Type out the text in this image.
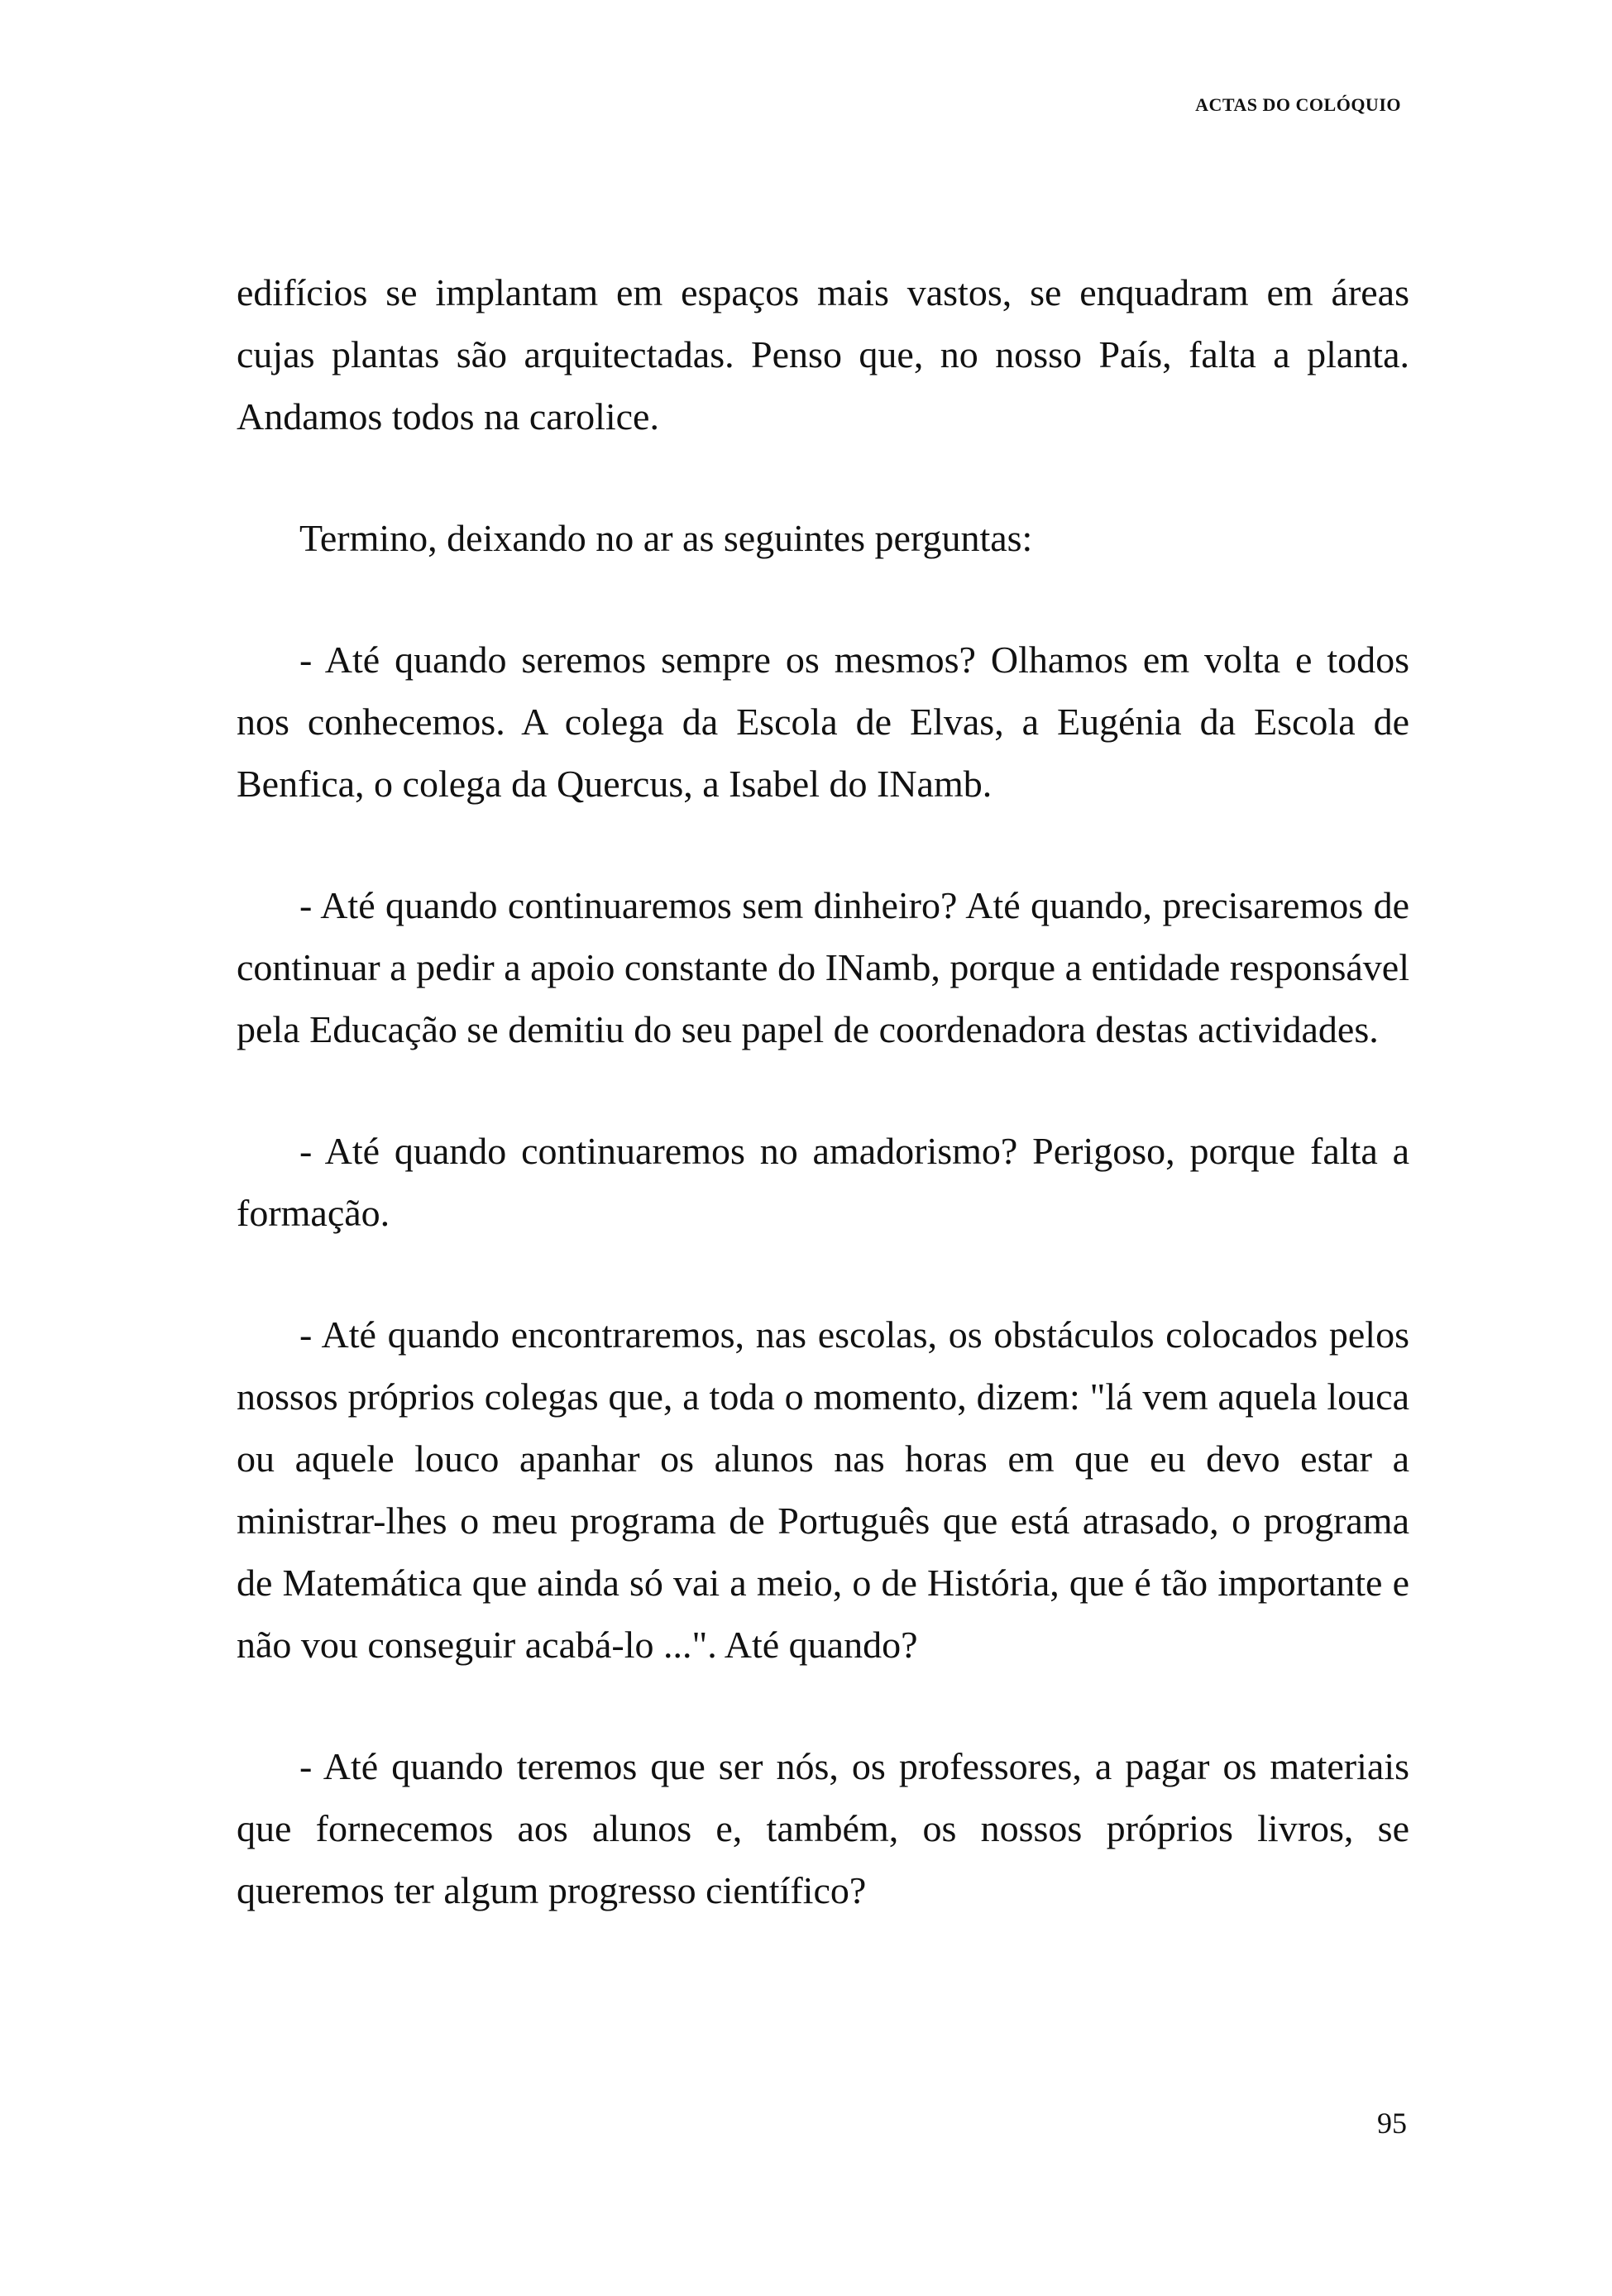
ACTAS DO COLÓQUIO

edifícios se implantam em espaços mais vastos, se enquadram em áreas cujas plantas são arquitectadas. Penso que, no nosso País, falta a planta. Andamos todos na carolice.

Termino, deixando no ar as seguintes perguntas:

- Até quando seremos sempre os mesmos? Olhamos em volta e todos nos conhecemos. A colega da Escola de Elvas, a Eugénia da Escola de Benfica, o colega da Quercus, a Isabel do INamb.

- Até quando continuaremos sem dinheiro? Até quando, precisaremos de continuar a pedir a apoio constante do INamb, porque a entidade responsável pela Educação se demitiu do seu papel de coordenadora destas actividades.

- Até quando continuaremos no amadorismo? Perigoso, porque falta a formação.

- Até quando encontraremos, nas escolas, os obstáculos colocados pelos nossos próprios colegas que, a toda o momento, dizem: "lá vem aquela louca ou aquele louco apanhar os alunos nas horas em que eu devo estar a ministrar-lhes o meu programa de Português que está atrasado, o programa de Matemática que ainda só vai a meio, o de História, que é tão importante e não vou conseguir acabá-lo ...". Até quando?

- Até quando teremos que ser nós, os professores, a pagar os materiais que fornecemos aos alunos e, também, os nossos próprios livros, se queremos ter algum progresso científico?

95
